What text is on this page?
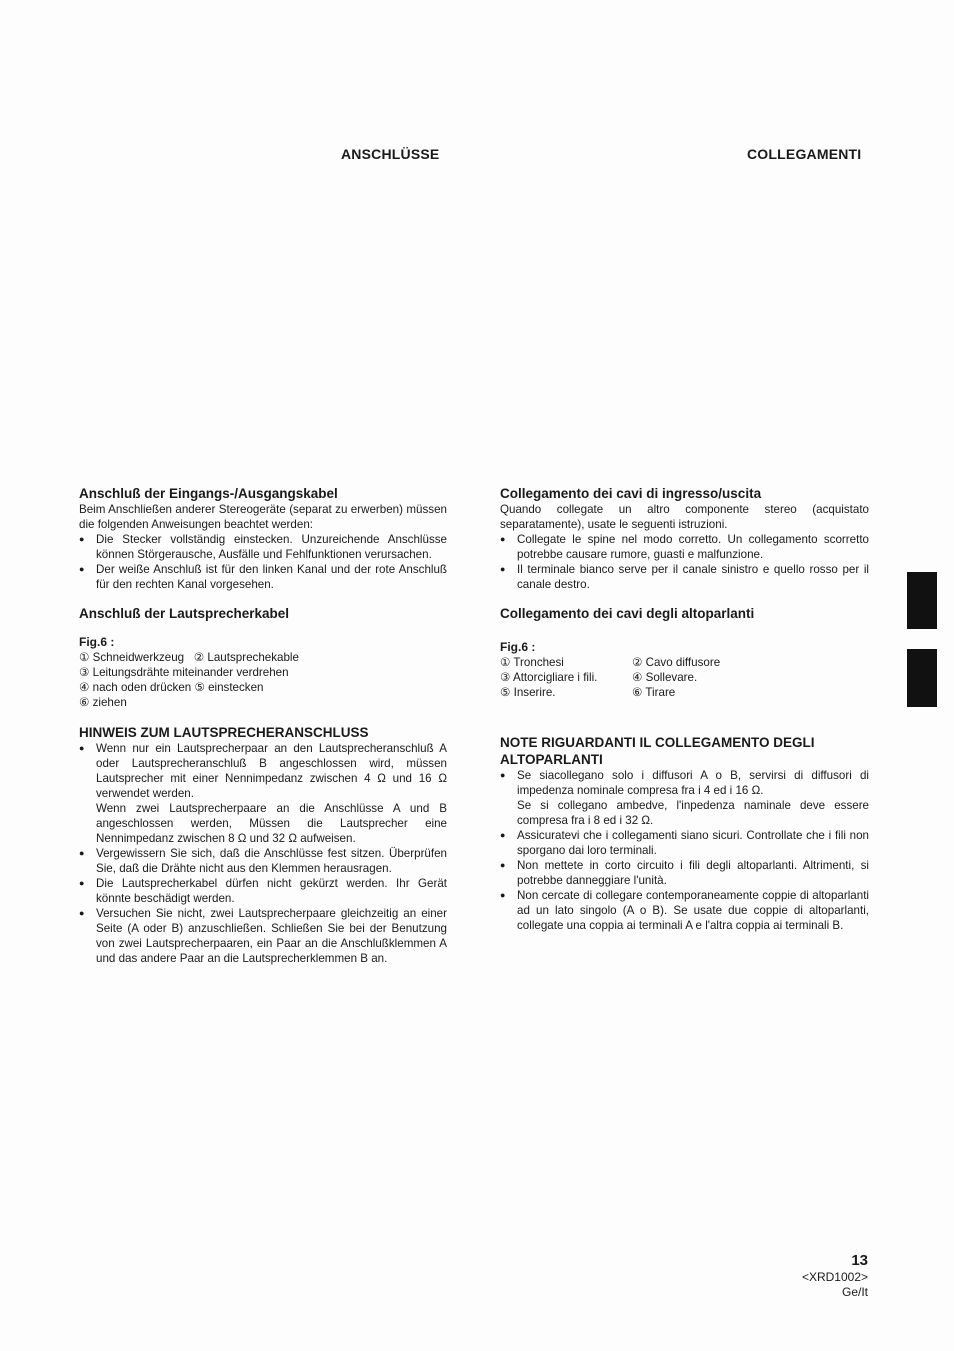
ANSCHLÜSSE	COLLEGAMENTI

Anschluß der Eingangs-/Ausgangskabel

Beim Anschließen anderer Stereogeräte (separat zu erwerben) müssen die folgenden Anweisungen beachtet werden:

● Die Stecker vollständig einstecken. Unzureichende Anschlüsse können Störgerausche, Ausfälle und Fehlfunktionen verursachen.
● Der weiße Anschluß ist für den linken Kanal und der rote Anschluß für den rechten Kanal vorgesehen.

Anschluß der Lautsprecherkabel

Fig.6 :

① Schneidwerkzeug   ② Lautsprechekable

③ Leitungsdrähte miteinander verdrehen

④ nach oden drücken ⑤ einstecken

⑥ ziehen

HINWEIS ZUM LAUTSPRECHERANSCHLUSS

● Wenn nur ein Lautsprecherpaar an den Lautsprecheranschluß A oder Lautsprecheranschluß B angeschlossen wird, müssen Lautsprecher mit einer Nennimpedanz zwischen 4 Ω und 16 Ω verwendet werden.
Wenn zwei Lautsprecherpaare an die Anschlüsse A und B angeschlossen werden, Müssen die Lautsprecher eine Nennimpedanz zwischen 8 Ω und 32 Ω aufweisen.
● Vergewissern Sie sich, daß die Anschlüsse fest sitzen. Überprüfen Sie, daß die Drähte nicht aus den Klemmen herausragen.
● Die Lautsprecherkabel dürfen nicht gekürzt werden. Ihr Gerät könnte beschädigt werden.
● Versuchen Sie nicht, zwei Lautsprecherpaare gleichzeitig an einer Seite (A oder B) anzuschließen. Schließen Sie bei der Benutzung von zwei Lautsprecherpaaren, ein Paar an die Anschlußklemmen A und das andere Paar an die Lautsprecherklemmen B an.

Collegamento dei cavi di ingresso/uscita

Quando collegate un altro componente stereo (acquistato separatamente), usate le seguenti istruzioni.

● Collegate le spine nel modo corretto. Un collegamento scorretto potrebbe causare rumore, guasti e malfunzione.
● Il terminale bianco serve per il canale sinistro e quello rosso per il canale destro.

Collegamento dei cavi degli altoparlanti

Fig.6 :

① Tronchesi	② Cavo diffusore
③ Attorcigliare i fili.	④ Sollevare.
⑤ Inserire.	⑥ Tirare

NOTE RIGUARDANTI IL COLLEGAMENTO DEGLI ALTOPARLANTI

● Se siacollegano solo i diffusori A o B, servirsi di diffusori di impedenza nominale compresa fra i 4 ed i 16 Ω.
Se si collegano ambedve, l'inpedenza naminale deve essere compresa fra i 8 ed i 32 Ω.
● Assicuratevi che i collegamenti siano sicuri. Controllate che i fili non sporgano dai loro terminali.
● Non mettete in corto circuito i fili degli altoparlanti. Altrimenti, si potrebbe danneggiare l'unità.
● Non cercate di collegare contemporaneamente coppie di altoparlanti ad un lato singolo (A o B). Se usate due coppie di altoparlanti, collegate una coppia ai terminali A e l'altra coppia ai terminali B.
13
<XRD1002>
Ge/It
